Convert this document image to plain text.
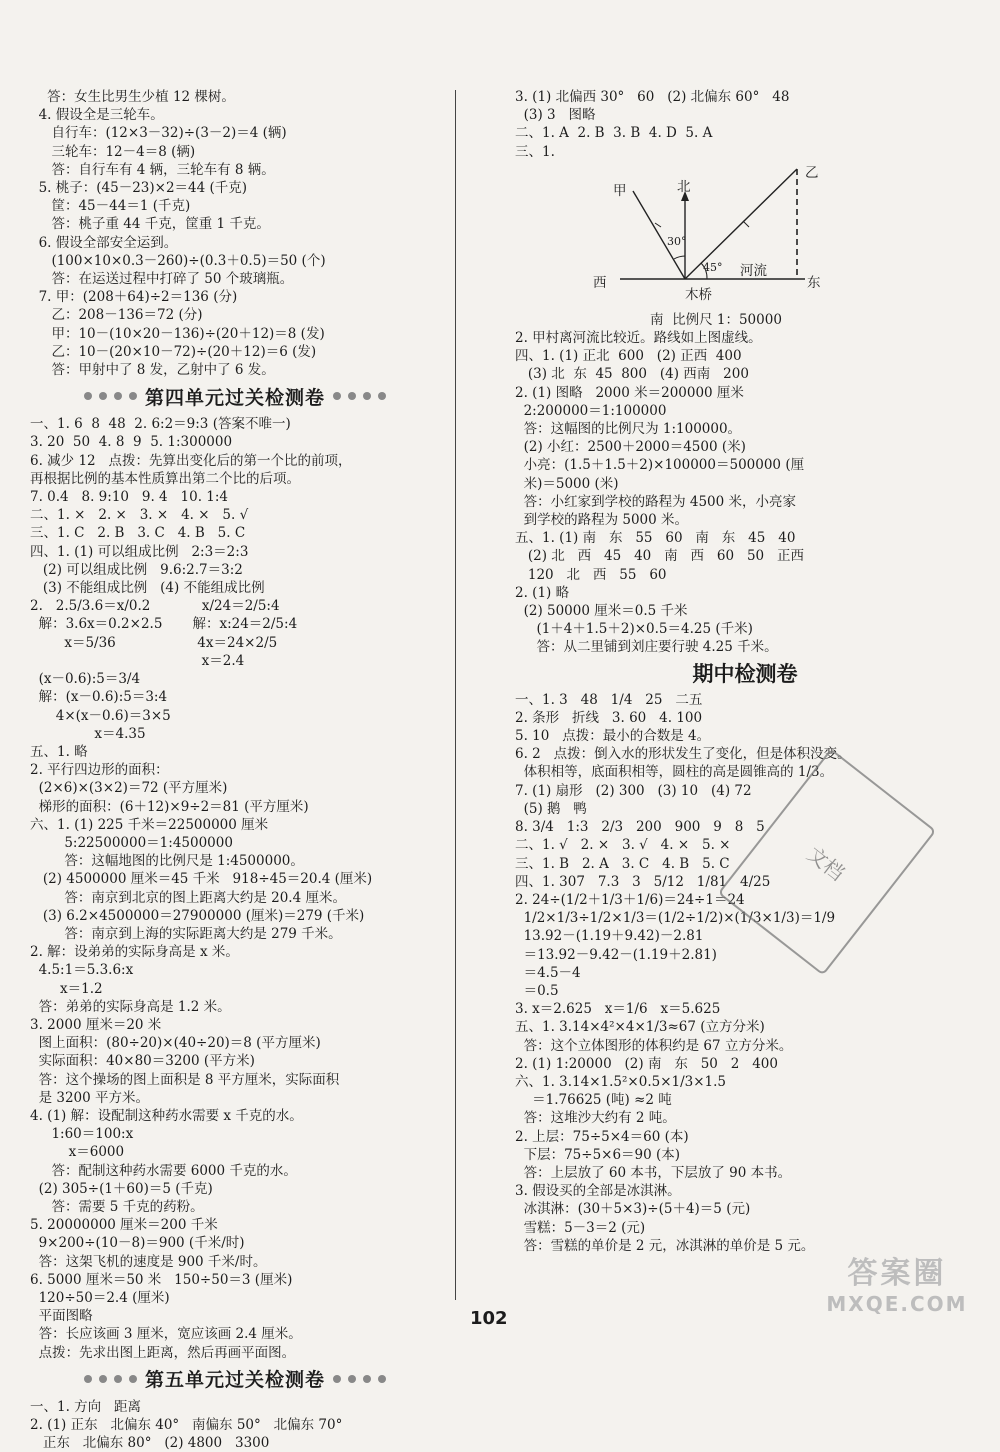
答：女生比男生少植 12 棵树。
4. 假设全是三轮车。
自行车：(12×3－32)÷(3－2)＝4 (辆)
三轮车：12－4＝8 (辆)
答：自行车有 4 辆，三轮车有 8 辆。
5. 桃子：(45－23)×2＝44 (千克)
筐：45－44＝1 (千克)
答：桃子重 44 千克，筐重 1 千克。
6. 假设全部安全运到。
(100×10×0.3－260)÷(0.3＋0.5)＝50 (个)
答：在运送过程中打碎了 50 个玻璃瓶。
7. 甲：(208＋64)÷2＝136 (分)
乙：208－136＝72 (分)
甲：10－(10×20－136)÷(20＋12)＝8 (发)
乙：10－(20×10－72)÷(20＋12)＝6 (发)
答：甲射中了 8 发，乙射中了 6 发。
第四单元过关检测卷
一、1. 6  8  48  2. 6:2＝9:3 (答案不唯一)
3. 20  50  4. 8  9  5. 1:300000
6. 减少 12   点拨：先算出变化后的第一个比的前项，
再根据比例的基本性质算出第二个比的后项。
7. 0.4   8. 9:10   9. 4   10. 1:4
二、1. ×   2. ×   3. ×   4. ×   5. √
三、1. C   2. B   3. C   4. B   5. C
四、1. (1) 可以组成比例   2:3＝2:3
(2) 可以组成比例   9.6:2.7＝3:2
(3) 不能组成比例   (4) 不能组成比例
2.   2.5/3.6＝x/0.2            x/24＝2/5:4
解：3.6x＝0.2×2.5       解：x:24＝2/5:4
x＝5/36                   4x＝24×2/5
x＝2.4
(x－0.6):5＝3/4
解：(x－0.6):5＝3:4
4×(x－0.6)＝3×5
x＝4.35
五、1. 略
2. 平行四边形的面积：
(2×6)×(3×2)＝72 (平方厘米)
梯形的面积：(6＋12)×9÷2＝81 (平方厘米)
六、1. (1) 225 千米＝22500000 厘米
5:22500000＝1:4500000
答：这幅地图的比例尺是 1:4500000。
(2) 4500000 厘米＝45 千米   918÷45＝20.4 (厘米)
答：南京到北京的图上距离大约是 20.4 厘米。
(3) 6.2×4500000＝27900000 (厘米)＝279 (千米)
答：南京到上海的实际距离大约是 279 千米。
2. 解：设弟弟的实际身高是 x 米。
4.5:1＝5.3.6:x
x＝1.2
答：弟弟的实际身高是 1.2 米。
3. 2000 厘米＝20 米
图上面积：(80÷20)×(40÷20)＝8 (平方厘米)
实际面积：40×80＝3200 (平方米)
答：这个操场的图上面积是 8 平方厘米，实际面积
是 3200 平方米。
4. (1) 解：设配制这种药水需要 x 千克的水。
1:60＝100:x
x＝6000
答：配制这种药水需要 6000 千克的水。
(2) 305÷(1＋60)＝5 (千克)
答：需要 5 千克的药粉。
5. 20000000 厘米＝200 千米
9×200÷(10－8)＝900 (千米/时)
答：这架飞机的速度是 900 千米/时。
6. 5000 厘米＝50 米   150÷50＝3 (厘米)
120÷50＝2.4 (厘米)
平面图略
答：长应该画 3 厘米，宽应该画 2.4 厘米。
点拨：先求出图上距离，然后再画平面图。
第五单元过关检测卷
一、1. 方向   距离
2. (1) 正东   北偏东 40°   南偏东 50°   北偏东 70°
正东   北偏东 80°   (2) 4800   3300
3. (1) 北偏西 30°   60   (2) 北偏东 60°   48
(3) 3   图略
二、1. A  2. B  3. B  4. D  5. A
三、1.
甲
乙
北
30°
45° 河流
西	东
木桥
南  比例尺 1：50000
2. 甲村离河流比较近。路线如上图虚线。
四、1. (1) 正北  600   (2) 正西  400
(3) 北  东  45  800   (4) 西南   200
2. (1) 图略   2000 米＝200000 厘米
2:200000＝1:100000
答：这幅图的比例尺为 1:100000。
(2) 小红：2500＋2000＝4500 (米)
小亮：(1.5＋1.5＋2)×100000＝500000 (厘
米)＝5000 (米)
答：小红家到学校的路程为 4500 米，小亮家
到学校的路程为 5000 米。
五、1. (1) 南   东   55   60   南   东   45   40
(2) 北   西   45   40   南   西   60   50   正西
120   北   西   55   60
2. (1) 略
(2) 50000 厘米＝0.5 千米
(1＋4＋1.5＋2)×0.5＝4.25 (千米)
答：从二里铺到刘庄要行驶 4.25 千米。
期中检测卷
一、1. 3   48   1/4   25   二五
2. 条形   折线   3. 60   4. 100
5. 10   点拨：最小的合数是 4。
6. 2   点拨：倒入水的形状发生了变化，但是体积没变。
体积相等，底面积相等，圆柱的高是圆锥高的 1/3。
7. (1) 扇形   (2) 300   (3) 10   (4) 72
(5) 鹅   鸭
8. 3/4   1:3   2/3   200   900   9   8   5
二、1. √   2. ×   3. √   4. ×   5. ×
三、1. B   2. A   3. C   4. B   5. C
四、1. 307   7.3   3   5/12   1/81   4/25
2. 24÷(1/2＋1/3＋1/6)＝24÷1＝24
1/2×1/3÷1/2×1/3＝(1/2÷1/2)×(1/3×1/3)＝1/9
13.92－(1.19＋9.42)－2.81
＝13.92－9.42－(1.19＋2.81)
＝4.5－4
＝0.5
3. x＝2.625   x＝1/6   x＝5.625
五、1. 3.14×4²×4×1/3≈67 (立方分米)
答：这个立体图形的体积约是 67 立方分米。
2. (1) 1:20000   (2) 南   东   50   2   400
六、1. 3.14×1.5²×0.5×1/3×1.5
＝1.76625 (吨) ≈2 吨
答：这堆沙大约有 2 吨。
2. 上层：75÷5×4＝60 (本)
下层：75÷5×6＝90 (本)
答：上层放了 60 本书，下层放了 90 本书。
3. 假设买的全部是冰淇淋。
冰淇淋：(30＋5×3)÷(5＋4)＝5 (元)
雪糕：5－3＝2 (元)
答：雪糕的单价是 2 元，冰淇淋的单价是 5 元。
文档
102
答案圈
MXQE.COM
